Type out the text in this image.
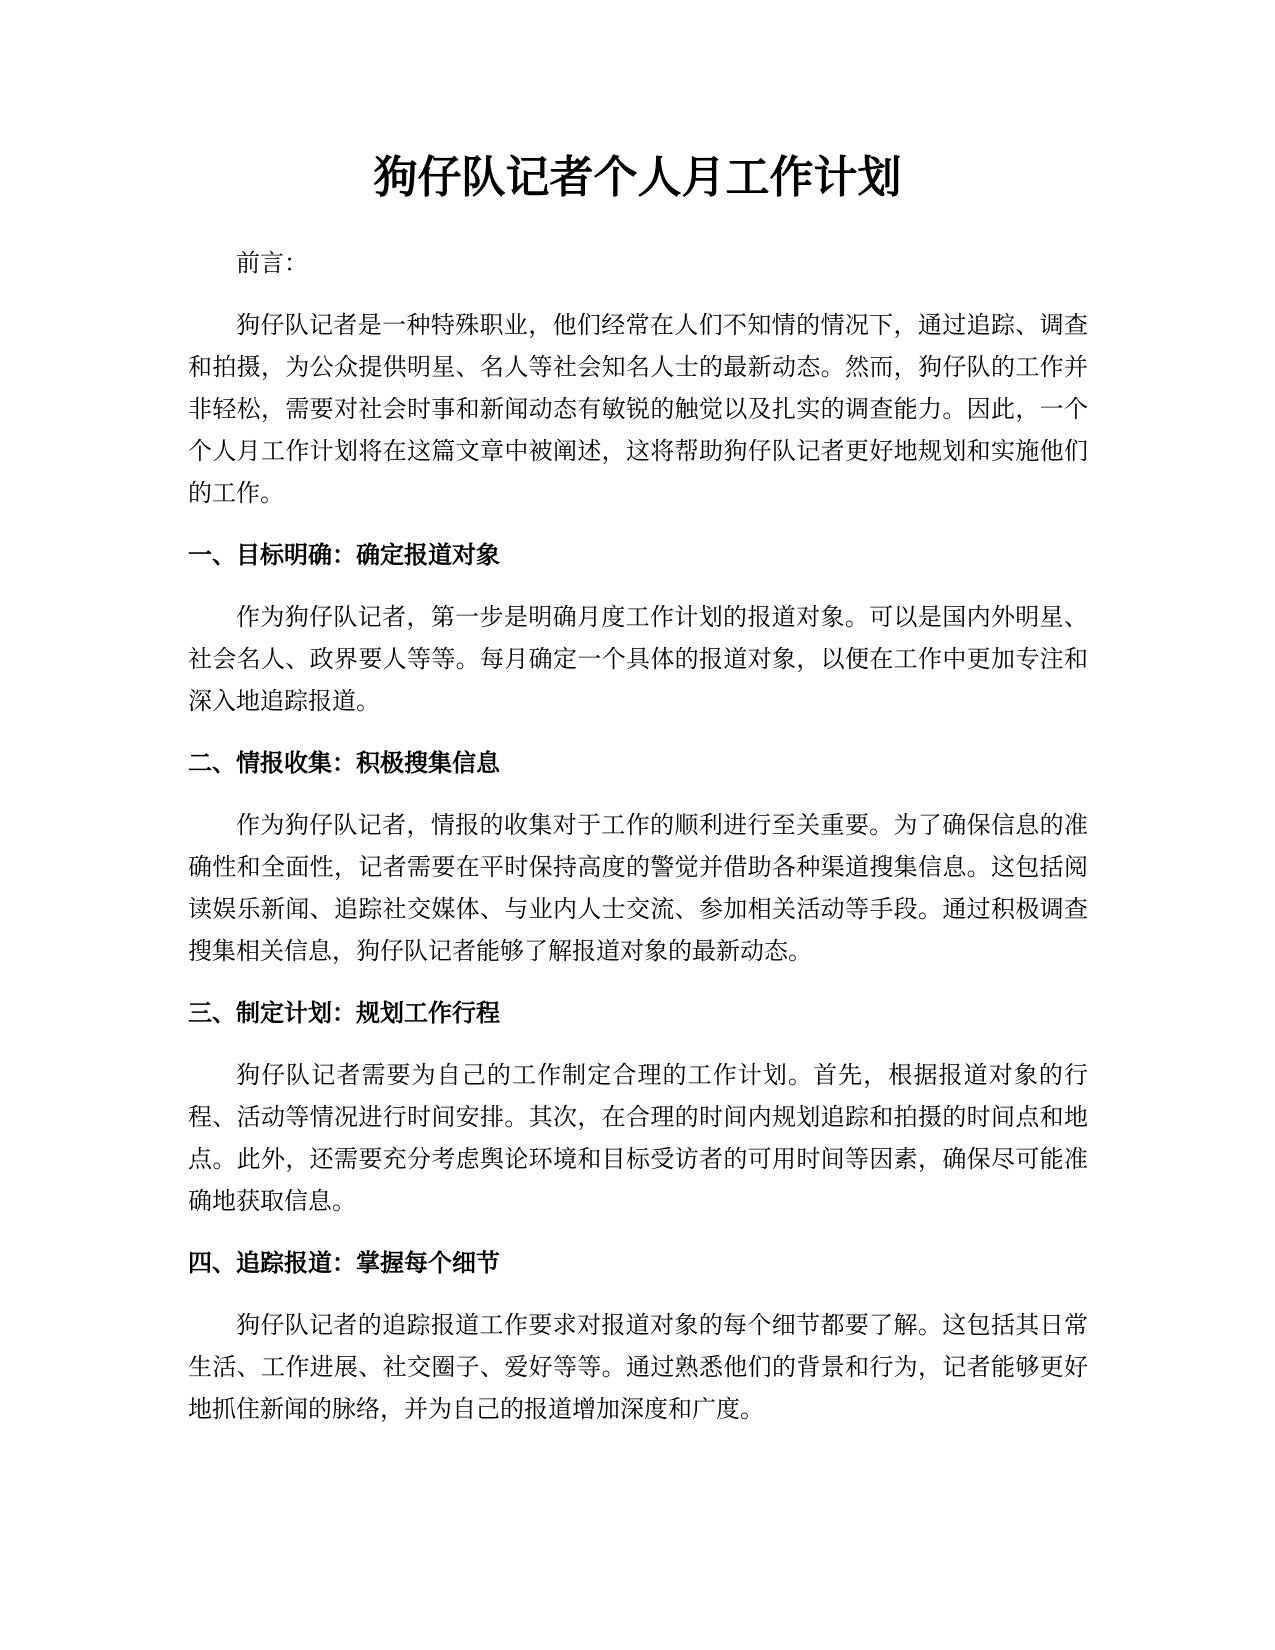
狗仔队记者个人月工作计划

前言：

狗仔队记者是一种特殊职业，他们经常在人们不知情的情况下，通过追踪、调查和拍摄，为公众提供明星、名人等社会知名人士的最新动态。然而，狗仔队的工作并非轻松，需要对社会时事和新闻动态有敏锐的触觉以及扎实的调查能力。因此，一个个人月工作计划将在这篇文章中被阐述，这将帮助狗仔队记者更好地规划和实施他们的工作。

一、目标明确：确定报道对象

作为狗仔队记者，第一步是明确月度工作计划的报道对象。可以是国内外明星、社会名人、政界要人等等。每月确定一个具体的报道对象，以便在工作中更加专注和深入地追踪报道。

二、情报收集：积极搜集信息

作为狗仔队记者，情报的收集对于工作的顺利进行至关重要。为了确保信息的准确性和全面性，记者需要在平时保持高度的警觉并借助各种渠道搜集信息。这包括阅读娱乐新闻、追踪社交媒体、与业内人士交流、参加相关活动等手段。通过积极调查搜集相关信息，狗仔队记者能够了解报道对象的最新动态。

三、制定计划：规划工作行程

狗仔队记者需要为自己的工作制定合理的工作计划。首先，根据报道对象的行程、活动等情况进行时间安排。其次，在合理的时间内规划追踪和拍摄的时间点和地点。此外，还需要充分考虑舆论环境和目标受访者的可用时间等因素，确保尽可能准确地获取信息。

四、追踪报道：掌握每个细节

狗仔队记者的追踪报道工作要求对报道对象的每个细节都要了解。这包括其日常生活、工作进展、社交圈子、爱好等等。通过熟悉他们的背景和行为，记者能够更好地抓住新闻的脉络，并为自己的报道增加深度和广度。
